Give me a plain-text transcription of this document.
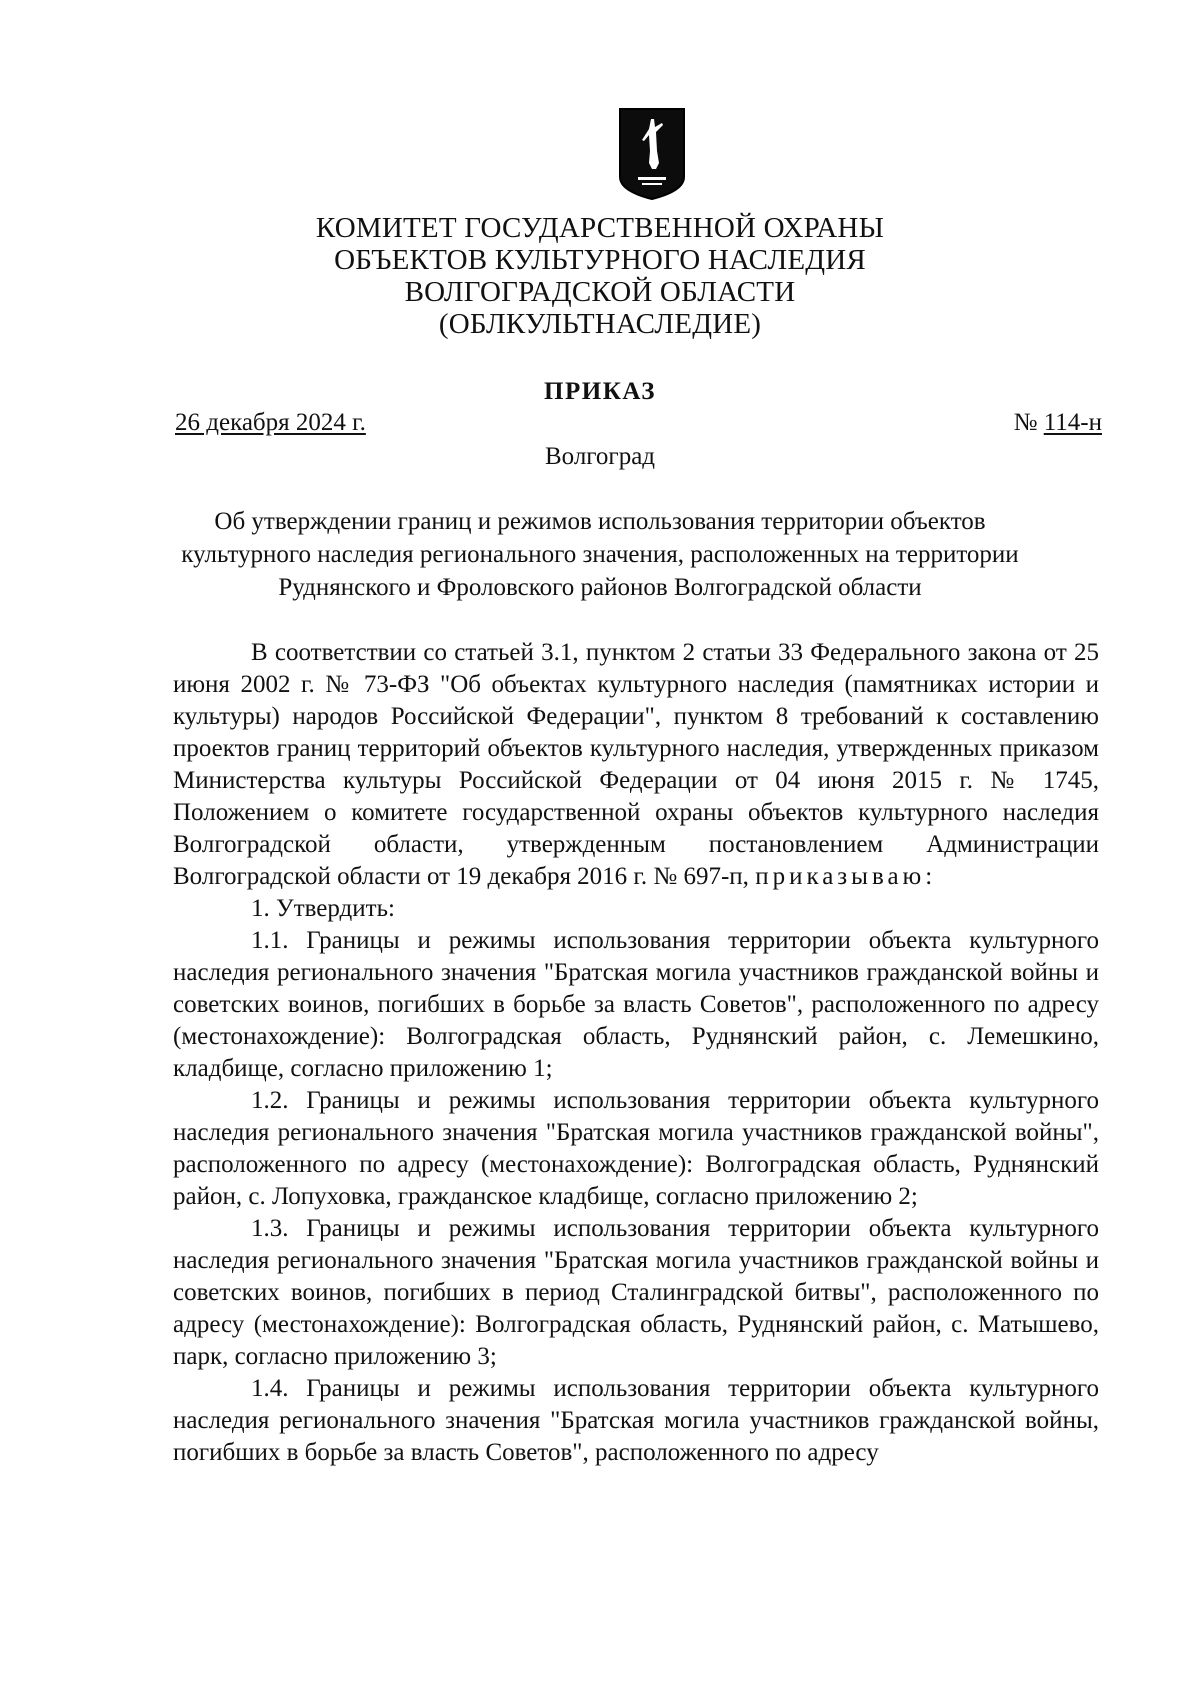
КОМИТЕТ ГОСУДАРСТВЕННОЙ ОХРАНЫ
ОБЪЕКТОВ КУЛЬТУРНОГО НАСЛЕДИЯ
ВОЛГОГРАДСКОЙ ОБЛАСТИ
(ОБЛКУЛЬТНАСЛЕДИЕ)
ПРИКАЗ
26 декабря 2024 г.	№ 114-н
Волгоград
Об утверждении границ и режимов использования территории объектов
культурного наследия регионального значения, расположенных на территории
Руднянского и Фроловского районов Волгоградской области

В соответствии со статьей 3.1, пунктом 2 статьи 33 Федерального закона от 25 июня 2002 г. № 73-ФЗ "Об объектах культурного наследия (памятниках истории и культуры) народов Российской Федерации", пунктом 8 требований к составлению проектов границ территорий объектов культурного наследия, утвержденных приказом Министерства культуры Российской Федерации от 04 июня 2015 г. № 1745, Положением о комитете государственной охраны объектов культурного наследия Волгоградской области, утвержденным постановлением Администрации Волгоградской области от 19 декабря 2016 г. № 697-п, приказываю:

1. Утвердить:

1.1. Границы и режимы использования территории объекта культурного наследия регионального значения "Братская могила участников гражданской войны и советских воинов, погибших в борьбе за власть Советов", расположенного по адресу (местонахождение): Волгоградская область, Руднянский район, с. Лемешкино, кладбище, согласно приложению 1;

1.2. Границы и режимы использования территории объекта культурного наследия регионального значения "Братская могила участников гражданской войны", расположенного по адресу (местонахождение): Волгоградская область, Руднянский район, с. Лопуховка, гражданское кладбище, согласно приложению 2;

1.3. Границы и режимы использования территории объекта культурного наследия регионального значения "Братская могила участников гражданской войны и советских воинов, погибших в период Сталинградской битвы", расположенного по адресу (местонахождение): Волгоградская область, Руднянский район, с. Матышево, парк, согласно приложению 3;

1.4. Границы и режимы использования территории объекта культурного наследия регионального значения "Братская могила участников гражданской войны, погибших в борьбе за власть Советов", расположенного по адресу
